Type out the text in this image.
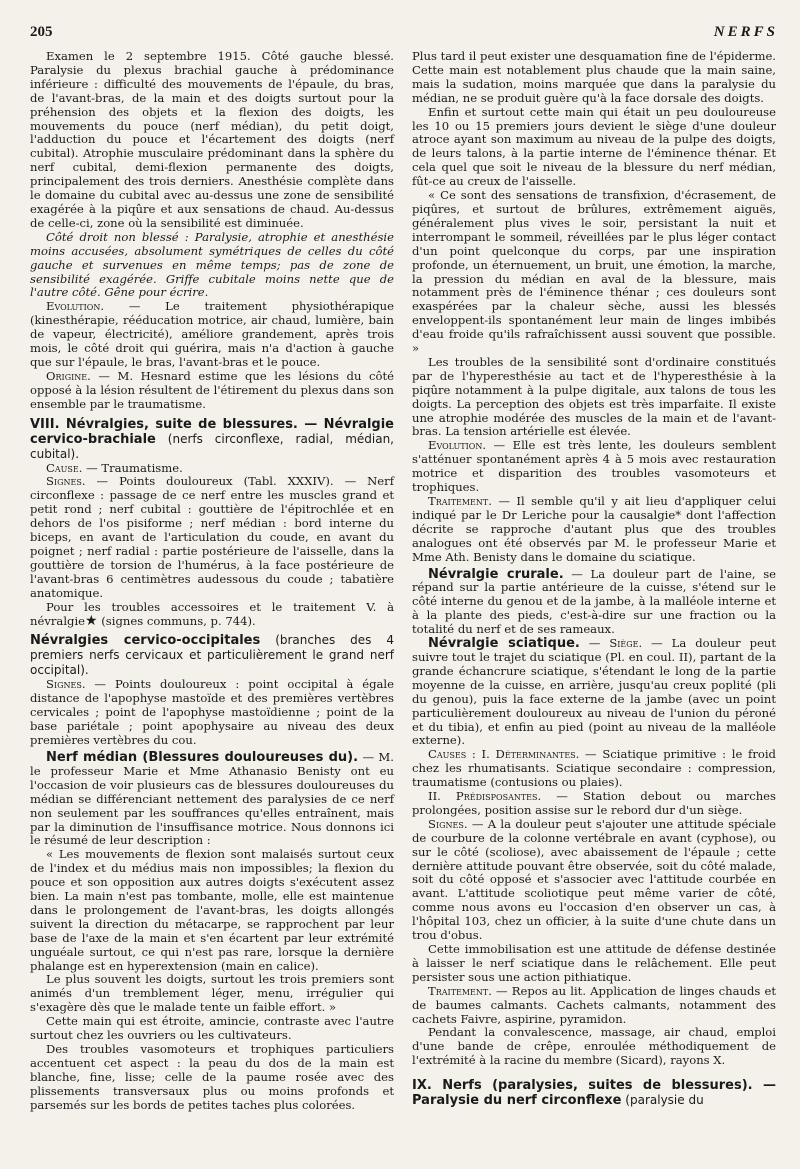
205	NERFS

Examen le 2 septembre 1915. Côté gauche blessé. Paralysie du plexus brachial gauche à prédominance inférieure : difficulté des mouvements de l'épaule, du bras, de l'avant-bras, de la main et des doigts surtout pour la préhension des objets et la flexion des doigts, les mouvements du pouce (nerf médian), du petit doigt, l'adduction du pouce et l'écartement des doigts (nerf cubital). Atrophie musculaire prédominant dans la sphère du nerf cubital, demi-flexion permanente des doigts, principalement des trois derniers. Anesthésie complète dans le domaine du cubital avec au-dessus une zone de sensibilité exagérée à la piqûre et aux sensations de chaud. Au-dessus de celle-ci, zone où la sensibilité est diminuée.

Côté droit non blessé : Paralysie, atrophie et anesthésie moins accusées, absolument symétriques de celles du côté gauche et survenues en même temps; pas de zone de sensibilité exagérée. Griffe cubitale moins nette que de l'autre côté. Gêne pour écrire.

Evolution. — Le traitement physiothérapique (kinesthérapie, rééducation motrice, air chaud, lumière, bain de vapeur, électricité), améliore grandement, après trois mois, le côté droit qui guérira, mais n'a d'action à gauche que sur l'épaule, le bras, l'avant-bras et le pouce.

Origine. — M. Hesnard estime que les lésions du côté opposé à la lésion résultent de l'étirement du plexus dans son ensemble par le traumatisme.

VIII. Névralgies, suite de blessures. — Névralgie cervico-brachiale (nerfs circonflexe, radial, médian, cubital).

Cause. — Traumatisme.

Signes. — Points douloureux (Tabl. XXXIV). — Nerf circonflexe : passage de ce nerf entre les muscles grand et petit rond ; nerf cubital : gouttière de l'épitrochlée et en dehors de l'os pisiforme ; nerf médian : bord interne du biceps, en avant de l'articulation du coude, en avant du poignet ; nerf radial : partie postérieure de l'aisselle, dans la gouttière de torsion de l'humérus, à la face postérieure de l'avant-bras 6 centimètres audessous du coude ; tabatière anatomique.

Pour les troubles accessoires et le traitement V. à névralgie★ (signes communs, p. 744).

Névralgies cervico-occipitales (branches des 4 premiers nerfs cervicaux et particulièrement le grand nerf occipital).

Signes. — Points douloureux : point occipital à égale distance de l'apophyse mastoïde et des premières vertèbres cervicales ; point de l'apophyse mastoïdienne ; point de la base pariétale ; point apophysaire au niveau des deux premières vertèbres du cou.

Nerf médian (Blessures douloureuses du). — M. le professeur Marie et Mme Athanasio Benisty ont eu l'occasion de voir plusieurs cas de blessures douloureuses du médian se différenciant nettement des paralysies de ce nerf non seulement par les souffrances qu'elles entraînent, mais par la diminution de l'insuffisance motrice. Nous donnons ici le résumé de leur description :

« Les mouvements de flexion sont malaisés surtout ceux de l'index et du médius mais non impossibles; la flexion du pouce et son opposition aux autres doigts s'exécutent assez bien. La main n'est pas tombante, molle, elle est maintenue dans le prolongement de l'avant-bras, les doigts allongés suivent la direction du métacarpe, se rapprochent par leur base de l'axe de la main et s'en écartent par leur extrémité unguéale surtout, ce qui n'est pas rare, lorsque la dernière phalange est en hyperextension (main en calice).

Le plus souvent les doigts, surtout les trois premiers sont animés d'un tremblement léger, menu, irrégulier qui s'exagère dès que le malade tente un faible effort. »

Cette main qui est étroite, amincie, contraste avec l'autre surtout chez les ouvriers ou les cultivateurs.

Des troubles vasomoteurs et trophiques particuliers accentuent cet aspect : la peau du dos de la main est blanche, fine, lisse; celle de la paume rosée avec des plissements transversaux plus ou moins profonds et parsemés sur les bords de petites taches plus colorées.

Plus tard il peut exister une desquamation fine de l'épiderme. Cette main est notablement plus chaude que la main saine, mais la sudation, moins marquée que dans la paralysie du médian, ne se produit guère qu'à la face dorsale des doigts.

Enfin et surtout cette main qui était un peu douloureuse les 10 ou 15 premiers jours devient le siège d'une douleur atroce ayant son maximum au niveau de la pulpe des doigts, de leurs talons, à la partie interne de l'éminence thénar. Et cela quel que soit le niveau de la blessure du nerf médian, fût-ce au creux de l'aisselle.

« Ce sont des sensations de transfixion, d'écrasement, de piqûres, et surtout de brûlures, extrêmement aiguës, généralement plus vives le soir, persistant la nuit et interrompant le sommeil, réveillées par le plus léger contact d'un point quelconque du corps, par une inspiration profonde, un éternuement, un bruit, une émotion, la marche, la pression du médian en aval de la blessure, mais notamment près de l'éminence thénar ; ces douleurs sont exaspérées par la chaleur sèche, aussi les blessés enveloppent-ils spontanément leur main de linges imbibés d'eau froide qu'ils rafraîchissent aussi souvent que possible. »

Les troubles de la sensibilité sont d'ordinaire constitués par de l'hyperesthésie au tact et de l'hyperesthésie à la piqûre notamment à la pulpe digitale, aux talons de tous les doigts. La perception des objets est très imparfaite. Il existe une atrophie modérée des muscles de la main et de l'avant-bras. La tension artérielle est élevée.

Evolution. — Elle est très lente, les douleurs semblent s'atténuer spontanément après 4 à 5 mois avec restauration motrice et disparition des troubles vasomoteurs et trophiques.

Traitement. — Il semble qu'il y ait lieu d'appliquer celui indiqué par le Dr Leriche pour la causalgie* dont l'affection décrite se rapproche d'autant plus que des troubles analogues ont été observés par M. le professeur Marie et Mme Ath. Benisty dans le domaine du sciatique.

Névralgie crurale. — La douleur part de l'aine, se répand sur la partie antérieure de la cuisse, s'étend sur le côté interne du genou et de la jambe, à la malléole interne et à la plante des pieds, c'est-à-dire sur une fraction ou la totalité du nerf et de ses rameaux.

Névralgie sciatique. — Siège. — La douleur peut suivre tout le trajet du sciatique (Pl. en coul. II), partant de la grande échancrure sciatique, s'étendant le long de la partie moyenne de la cuisse, en arrière, jusqu'au creux poplité (pli du genou), puis la face externe de la jambe (avec un point particulièrement douloureux au niveau de l'union du péroné et du tibia), et enfin au pied (point au niveau de la malléole externe).

Causes : I. Déterminantes. — Sciatique primitive : le froid chez les rhumatisants. Sciatique secondaire : compression, traumatisme (contusions ou plaies).

II. Prédisposantes. — Station debout ou marches prolongées, position assise sur le rebord dur d'un siège.

Signes. — A la douleur peut s'ajouter une attitude spéciale de courbure de la colonne vertébrale en avant (cyphose), ou sur le côté (scoliose), avec abaissement de l'épaule ; cette dernière attitude pouvant être observée, soit du côté malade, soit du côté opposé et s'associer avec l'attitude courbée en avant. L'attitude scoliotique peut même varier de côté, comme nous avons eu l'occasion d'en observer un cas, à l'hôpital 103, chez un officier, à la suite d'une chute dans un trou d'obus.

Cette immobilisation est une attitude de défense destinée à laisser le nerf sciatique dans le relâchement. Elle peut persister sous une action pithiatique.

Traitement. — Repos au lit. Application de linges chauds et de baumes calmants. Cachets calmants, notamment des cachets Faivre, aspirine, pyramidon.

Pendant la convalescence, massage, air chaud, emploi d'une bande de crêpe, enroulée méthodiquement de l'extrémité à la racine du membre (Sicard), rayons X.

IX. Nerfs (paralysies, suites de blessures). — Paralysie du nerf circonflexe (paralysie du
